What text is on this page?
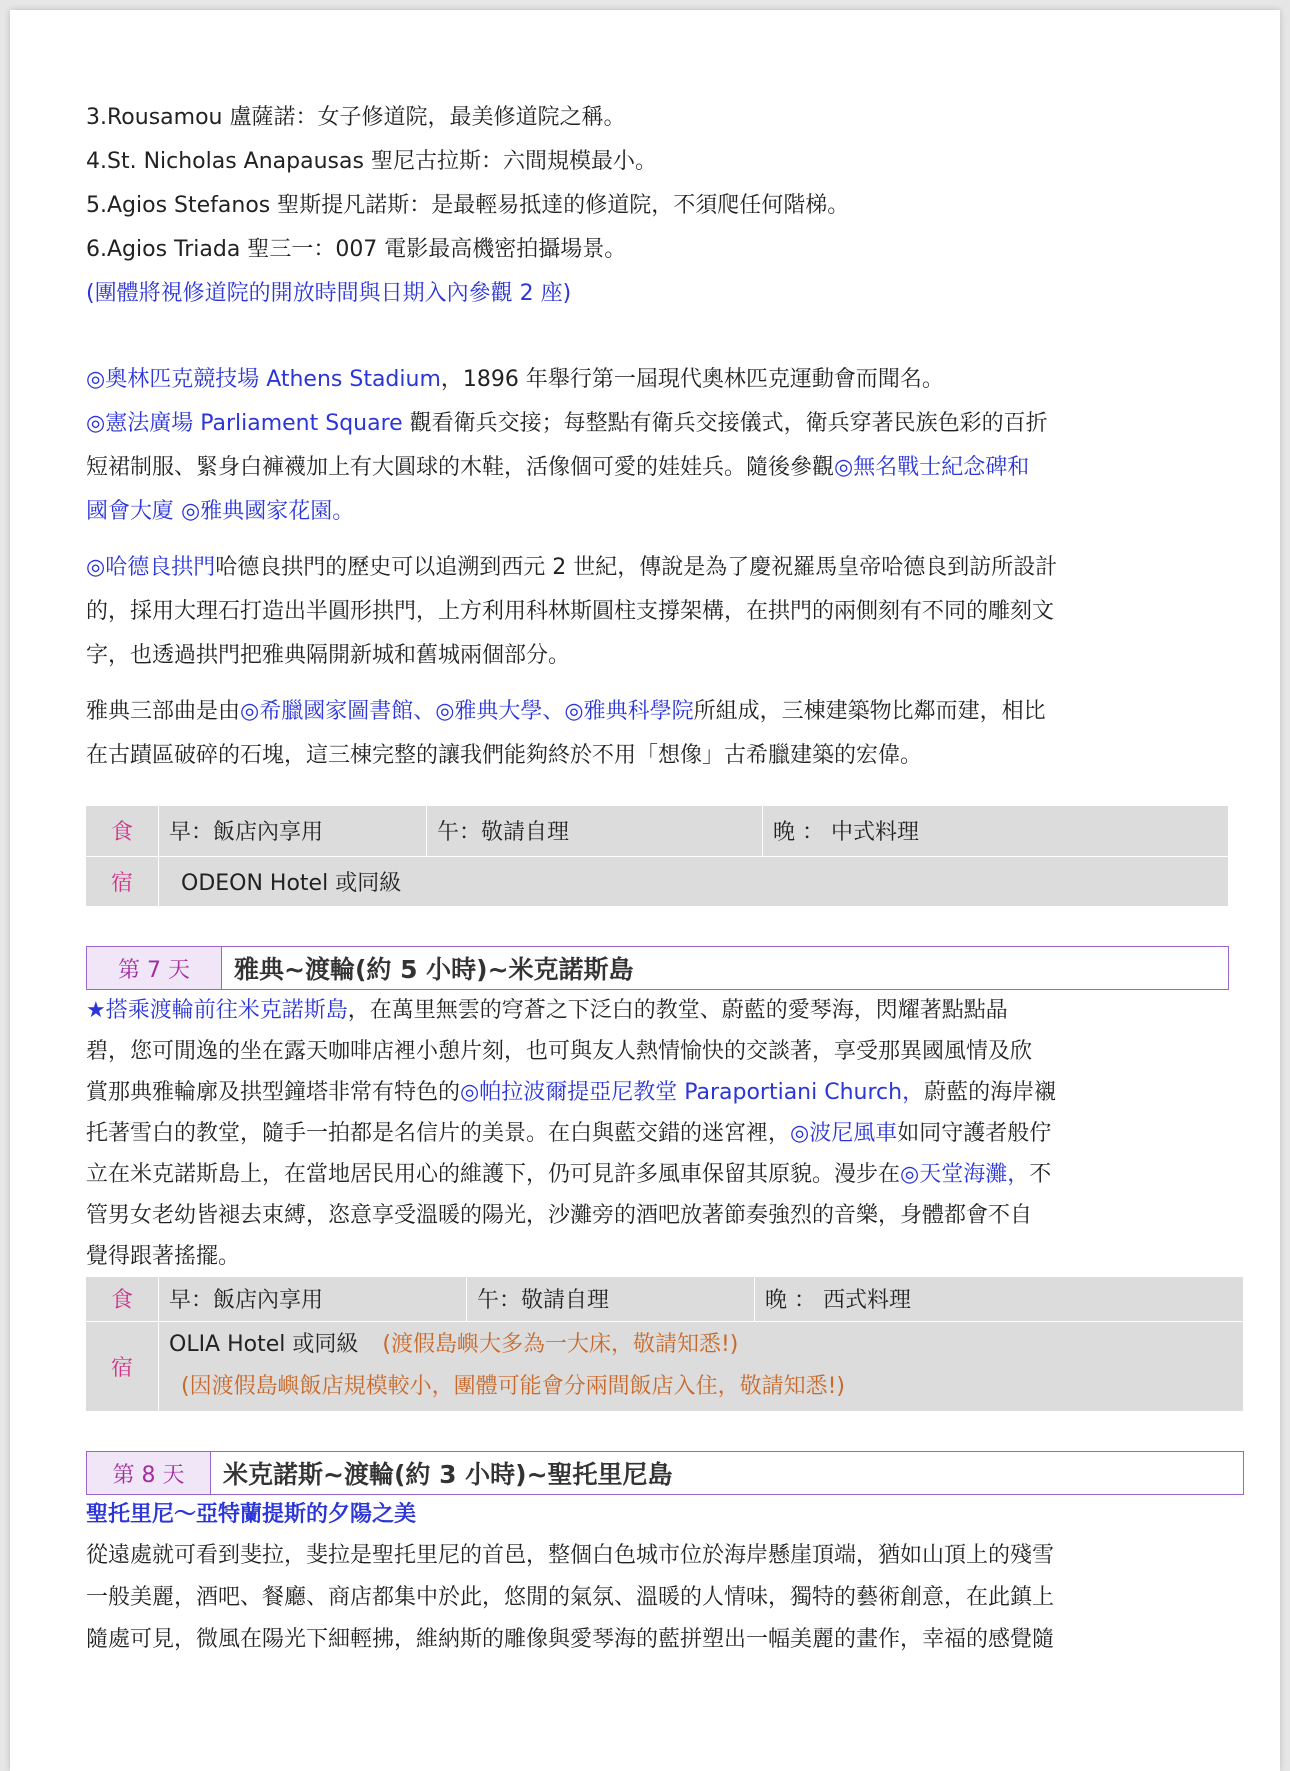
3.Rousamou 盧薩諾：女子修道院，最美修道院之稱。

4.St. Nicholas Anapausas 聖尼古拉斯：六間規模最小。

5.Agios Stefanos 聖斯提凡諾斯：是最輕易抵達的修道院，不須爬任何階梯。

6.Agios Triada 聖三一：007 電影最高機密拍攝場景。

(團體將視修道院的開放時間與日期入內參觀 2 座)

◎奧林匹克競技場 Athens Stadium，1896 年舉行第一屆現代奧林匹克運動會而聞名。

◎憲法廣場 Parliament Square 觀看衛兵交接；每整點有衛兵交接儀式，衛兵穿著民族色彩的百折

短裙制服、緊身白褲襪加上有大圓球的木鞋，活像個可愛的娃娃兵。隨後參觀◎無名戰士紀念碑和

國會大廈 ◎雅典國家花園。

◎哈德良拱門哈德良拱門的歷史可以追溯到西元 2 世紀，傳說是為了慶祝羅馬皇帝哈德良到訪所設計

的，採用大理石打造出半圓形拱門，上方利用科林斯圓柱支撐架構，在拱門的兩側刻有不同的雕刻文

字，也透過拱門把雅典隔開新城和舊城兩個部分。

雅典三部曲是由◎希臘國家圖書館、◎雅典大學、◎雅典科學院所組成，三棟建築物比鄰而建，相比

在古蹟區破碎的石塊，這三棟完整的讓我們能夠終於不用「想像」古希臘建築的宏偉。

食	早：飯店內享用	午：敬請自理	晚 ： 中式料理
宿	ODEON Hotel 或同級		
第 7 天	雅典~渡輪(約 5 小時)~米克諾斯島

★搭乘渡輪前往米克諾斯島，在萬里無雲的穹蒼之下泛白的教堂、蔚藍的愛琴海，閃耀著點點晶

碧，您可閒逸的坐在露天咖啡店裡小憩片刻，也可與友人熱情愉快的交談著，享受那異國風情及欣

賞那典雅輪廓及拱型鐘塔非常有特色的◎帕拉波爾提亞尼教堂 Paraportiani Church，蔚藍的海岸襯

托著雪白的教堂，隨手一拍都是名信片的美景。在白與藍交錯的迷宮裡，◎波尼風車如同守護者般佇

立在米克諾斯島上，在當地居民用心的維護下，仍可見許多風車保留其原貌。漫步在◎天堂海灘，不

管男女老幼皆褪去束縛，恣意享受溫暖的陽光，沙灘旁的酒吧放著節奏強烈的音樂，身體都會不自

覺得跟著搖擺。

食	早：飯店內享用	午：敬請自理	晚 ： 西式料理
宿	OLIA Hotel 或同級 (渡假島嶼大多為一大床，敬請知悉!)
(因渡假島嶼飯店規模較小，團體可能會分兩間飯店入住，敬請知悉!)		
第 8 天	米克諾斯~渡輪(約 3 小時)~聖托里尼島

聖托里尼～亞特蘭提斯的夕陽之美

從遠處就可看到斐拉，斐拉是聖托里尼的首邑，整個白色城市位於海岸懸崖頂端，猶如山頂上的殘雪

一般美麗，酒吧、餐廳、商店都集中於此，悠閒的氣氛、溫暖的人情味，獨特的藝術創意，在此鎮上

隨處可見，微風在陽光下細輕拂，維納斯的雕像與愛琴海的藍拼塑出一幅美麗的畫作，幸福的感覺隨
